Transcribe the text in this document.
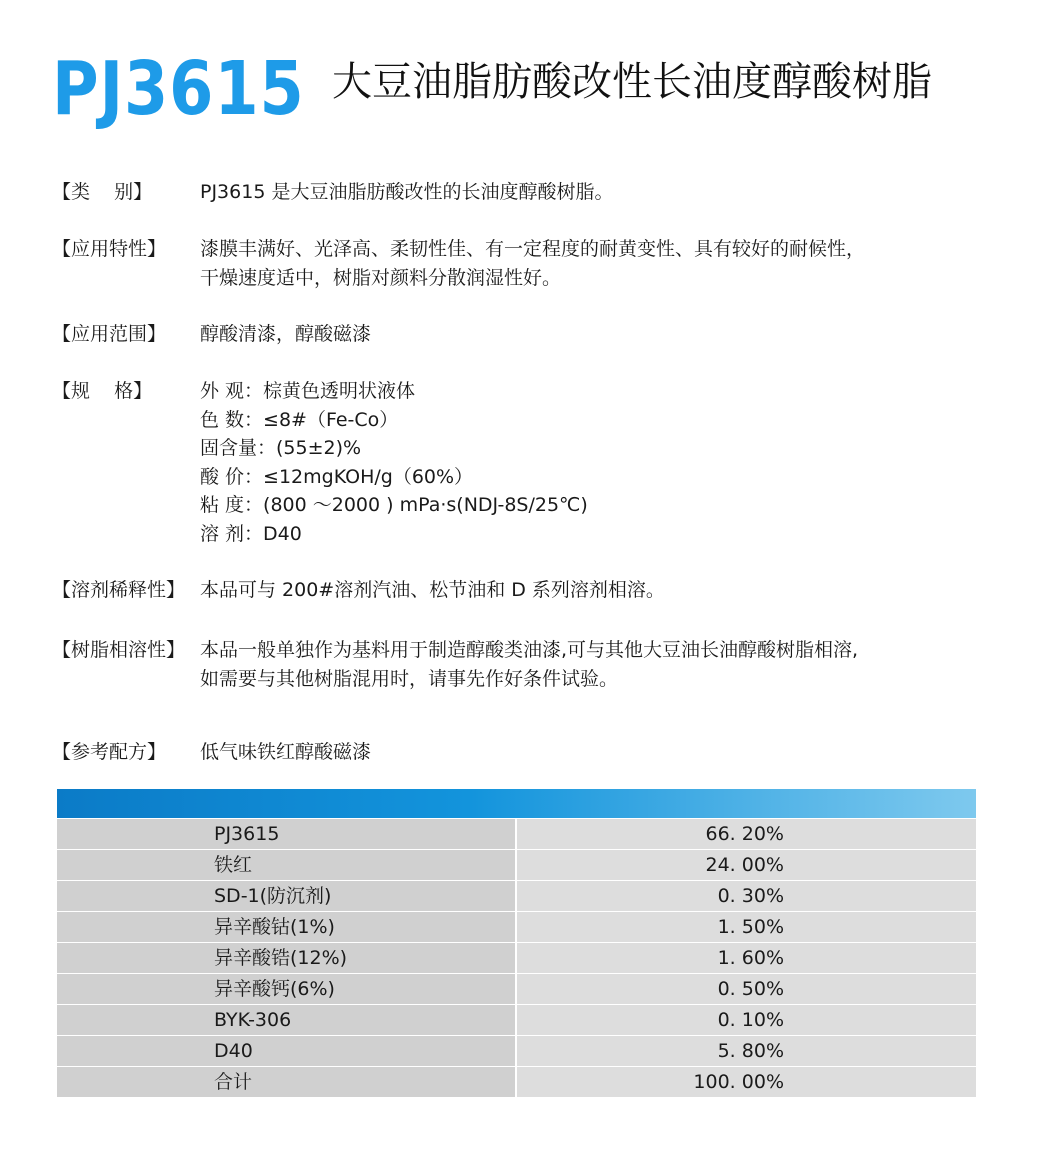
PJ3615 大豆油脂肪酸改性长油度醇酸树脂
【类    别】	PJ3615 是大豆油脂肪酸改性的长油度醇酸树脂。
【应用特性】 漆膜丰满好、光泽高、柔韧性佳、有一定程度的耐黄变性、具有较好的耐候性，
干燥速度适中，树脂对颜料分散润湿性好。
【应用范围】 醇酸清漆，醇酸磁漆
【规    格】	外 观：棕黄色透明状液体
色 数：≤8#（Fe-Co）
固含量：(55±2)%
酸 价：≤12mgKOH/g（60%）
粘 度：(800 ～2000 ) mPa·s(NDJ-8S/25℃)
溶 剂：D40
【溶剂稀释性】 本品可与 200#溶剂汽油、松节油和 D 系列溶剂相溶。
【树脂相溶性】 本品一般单独作为基料用于制造醇酸类油漆,可与其他大豆油长油醇酸树脂相溶,
如需要与其他树脂混用时，请事先作好条件试验。
【参考配方】 低气味铁红醇酸磁漆
PJ3615	66. 20%
铁红	24. 00%
SD-1(防沉剂)	0. 30%
异辛酸钴(1%)	1. 50%
异辛酸锆(12%)	1. 60%
异辛酸钙(6%)	0. 50%
BYK-306	0. 10%
D40	5. 80%
合计	100. 00%
